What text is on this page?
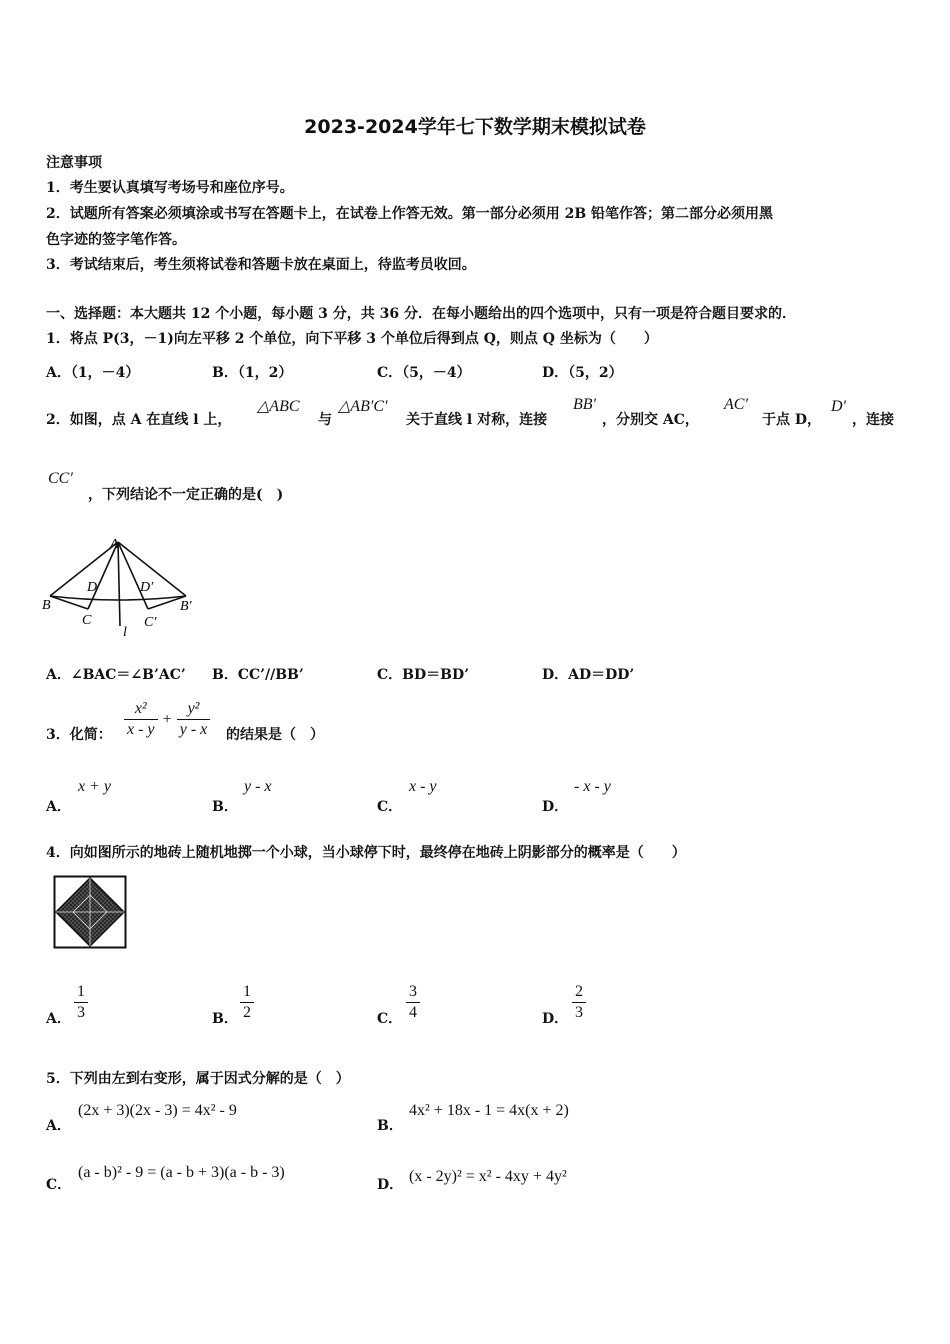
2023-2024学年七下数学期末模拟试卷
注意事项
1．考生要认真填写考场号和座位序号。
2．试题所有答案必须填涂或书写在答题卡上，在试卷上作答无效。第一部分必须用 2B 铅笔作答；第二部分必须用黑
色字迹的签字笔作答。
3．考试结束后，考生须将试卷和答题卡放在桌面上，待监考员收回。
一、选择题：本大题共 12 个小题，每小题 3 分，共 36 分．在每小题给出的四个选项中，只有一项是符合题目要求的．
1．将点 P(3，－1)向左平移 2 个单位，向下平移 3 个单位后得到点 Q，则点 Q 坐标为（　　）
A．（1，－4）	B．（1，2）	C．（5，－4）	D．（5，2）
2．如图，点 A 在直线 l 上，
△ABC
与
△AB′C′
关于直线 l 对称，连接
BB′
，分别交 AC，
AC′
于点 D，
D′
，连接
CC′
，下列结论不一定正确的是(　)
A
B
D	D′
B′
C	C′
l
A．∠BAC＝∠B’AC’ B．CC’//BB’	C．BD＝BD’	D．AD＝DD’
3．化简： $\frac{\text{x²}}{x - y} + \frac{\text{y²}}{y - x}$ 的结果是（　）
A．
x + y
B．
y - x
C．
x - y
D．
- x - y
4．向如图所示的地砖上随机地掷一个小球，当小球停下时，最终停在地砖上阴影部分的概率是（　　）
A． $\frac{1}{3}$	B． $\frac{1}{2}$	C． $\frac{3}{4}$	D． $\frac{2}{3}$
5．下列由左到右变形，属于因式分解的是（　）
A．
(2x + 3)(2x - 3) = 4x² - 9
B．
4x² + 18x - 1 = 4x(x + 2)
C．
(a - b)² - 9 = (a - b + 3)(a - b - 3)
D． (x - 2y)² = x² - 4xy + 4y²
